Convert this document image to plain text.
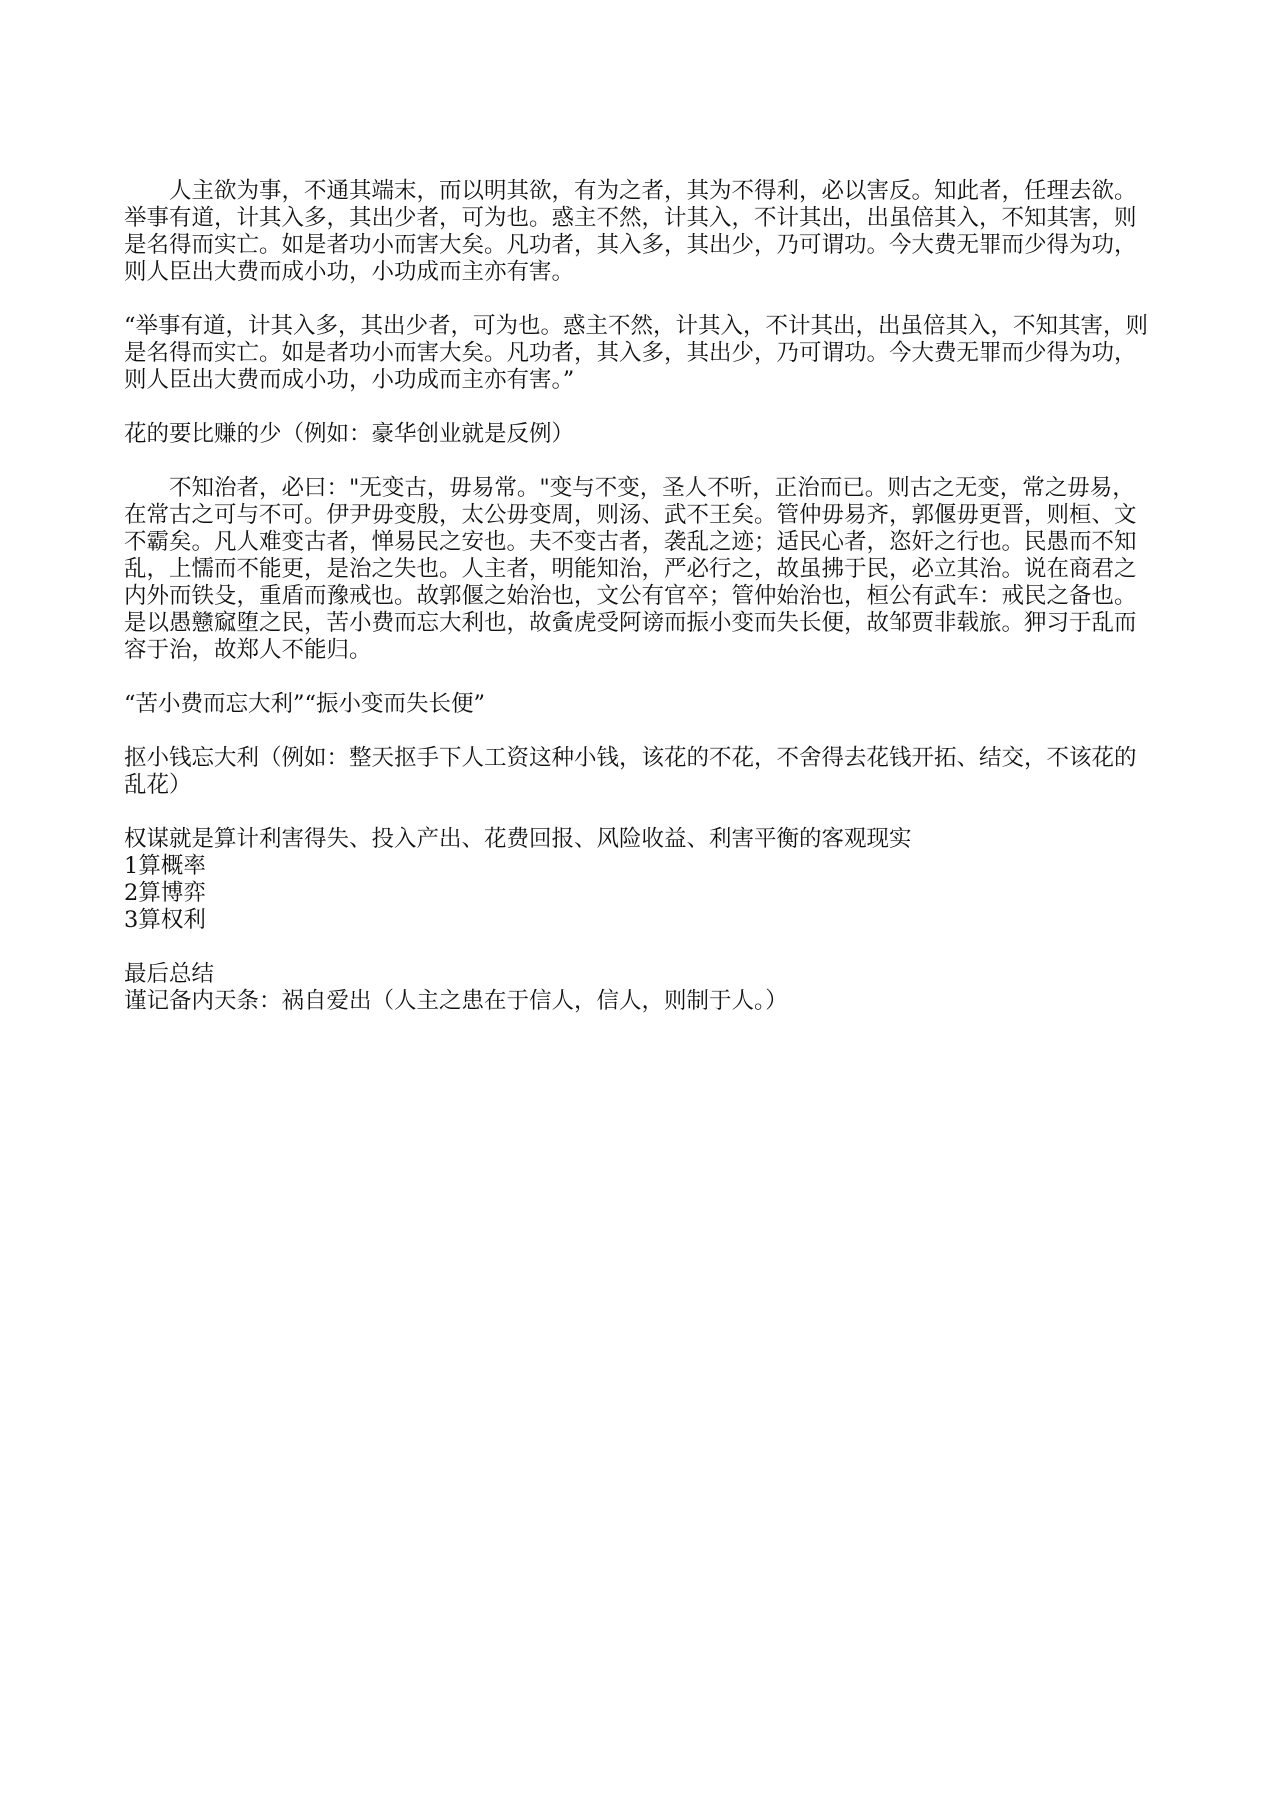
人主欲为事，不通其端末，而以明其欲，有为之者，其为不得利，必以害反。知此者，任理去欲。举事有道，计其入多，其出少者，可为也。惑主不然，计其入，不计其出，出虽倍其入，不知其害，则是名得而实亡。如是者功小而害大矣。凡功者，其入多，其出少，乃可谓功。今大费无罪而少得为功，则人臣出大费而成小功，小功成而主亦有害。

“举事有道，计其入多，其出少者，可为也。惑主不然，计其入，不计其出，出虽倍其入，不知其害，则是名得而实亡。如是者功小而害大矣。凡功者，其入多，其出少，乃可谓功。今大费无罪而少得为功，则人臣出大费而成小功，小功成而主亦有害。”

花的要比赚的少（例如：豪华创业就是反例）

不知治者，必曰："无变古，毋易常。"变与不变，圣人不听，正治而已。则古之无变，常之毋易，在常古之可与不可。伊尹毋变殷，太公毋变周，则汤、武不王矣。管仲毋易齐，郭偃毋更晋，则桓、文不霸矣。凡人难变古者，惮易民之安也。夫不变古者，袭乱之迹；适民心者，恣奸之行也。民愚而不知乱，上懦而不能更，是治之失也。人主者，明能知治，严必行之，故虽拂于民，必立其治。说在商君之内外而铁殳，重盾而豫戒也。故郭偃之始治也，文公有官卒；管仲始治也，桓公有武车：戒民之备也。是以愚戆窳堕之民，苦小费而忘大利也，故夤虎受阿谤而振小变而失长便，故邹贾非载旅。狎习于乱而容于治，故郑人不能归。

“苦小费而忘大利”“振小变而失长便”

抠小钱忘大利（例如：整天抠手下人工资这种小钱，该花的不花，不舍得去花钱开拓、结交，不该花的乱花）

权谋就是算计利害得失、投入产出、花费回报、风险收益、利害平衡的客观现实
1算概率
2算博弈
3算权利
最后总结
谨记备内天条：祸自爱出（人主之患在于信人，信人，则制于人。）
